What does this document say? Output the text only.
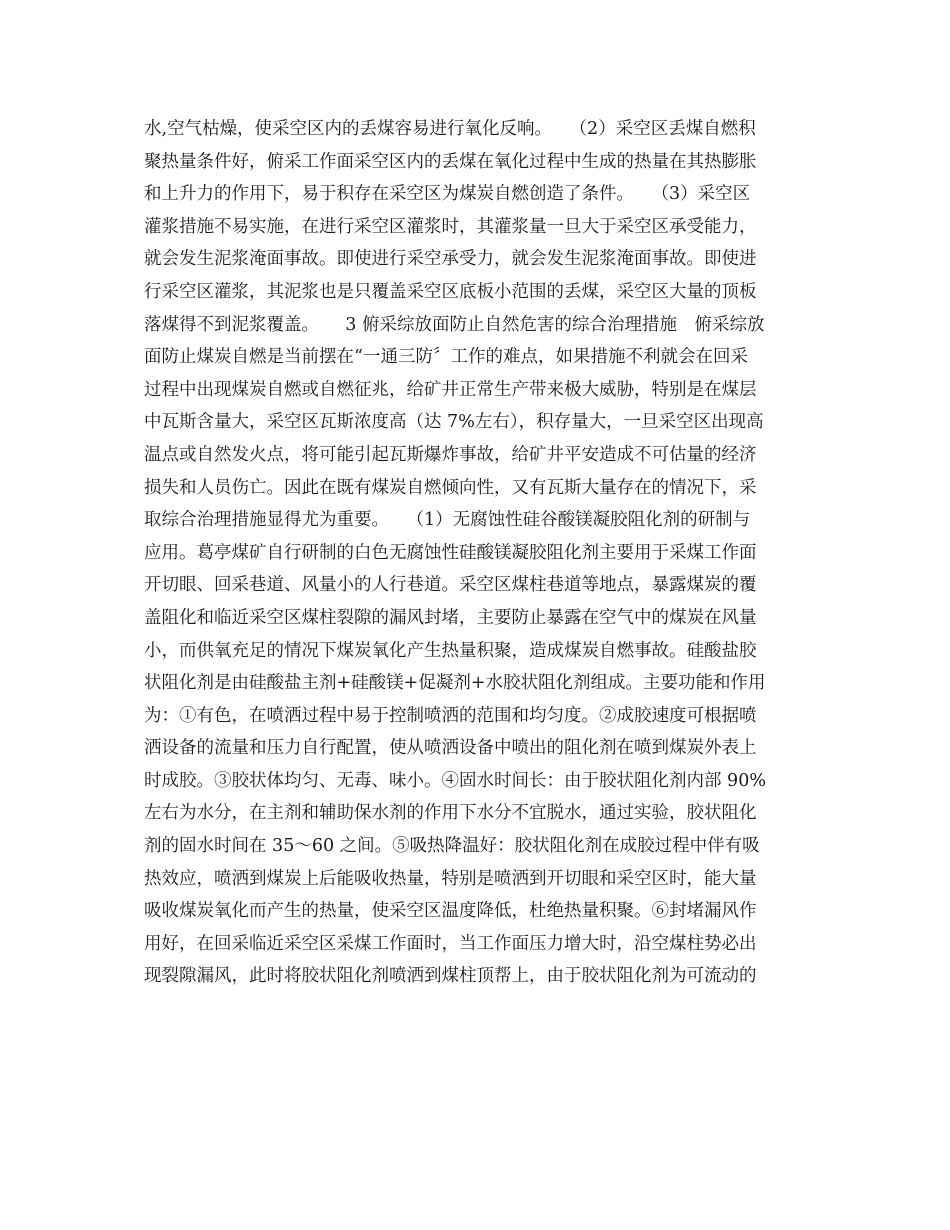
水,空气枯燥，使采空区内的丢煤容易进行氧化反响。　　（2）采空区丢煤自燃积
聚热量条件好，俯采工作面采空区内的丢煤在氧化过程中生成的热量在其热膨胀
和上升力的作用下，易于积存在采空区为煤炭自燃创造了条件。　　（3）采空区
灌浆措施不易实施，在进行采空区灌浆时，其灌浆量一旦大于采空区承受能力，
就会发生泥浆淹面事故。即使进行采空承受力，就会发生泥浆淹面事故。即使进
行采空区灌浆，其泥浆也是只覆盖采空区底板小范围的丢煤，采空区大量的顶板
落煤得不到泥浆覆盖。　　3 俯采综放面防止自然危害的综合治理措施　俯采综放
面防止煤炭自燃是当前摆在“一通三防〞工作的难点，如果措施不利就会在回采
过程中出现煤炭自燃或自燃征兆，给矿井正常生产带来极大威胁，特别是在煤层
中瓦斯含量大，采空区瓦斯浓度高（达 7%左右），积存量大，一旦采空区出现高
温点或自然发火点，将可能引起瓦斯爆炸事故，给矿井平安造成不可估量的经济
损失和人员伤亡。因此在既有煤炭自燃倾向性，又有瓦斯大量存在的情况下，采
取综合治理措施显得尤为重要。　　（1）无腐蚀性硅谷酸镁凝胶阻化剂的研制与
应用。葛亭煤矿自行研制的白色无腐蚀性硅酸镁凝胶阻化剂主要用于采煤工作面
开切眼、回采巷道、风量小的人行巷道。采空区煤柱巷道等地点，暴露煤炭的覆
盖阻化和临近采空区煤柱裂隙的漏风封堵，主要防止暴露在空气中的煤炭在风量
小，而供氧充足的情况下煤炭氧化产生热量积聚，造成煤炭自燃事故。硅酸盐胶
状阻化剂是由硅酸盐主剂+硅酸镁+促凝剂+水胶状阻化剂组成。主要功能和作用
为：①有色，在喷洒过程中易于控制喷洒的范围和均匀度。②成胶速度可根据喷
洒设备的流量和压力自行配置，使从喷洒设备中喷出的阻化剂在喷到煤炭外表上
时成胶。③胶状体均匀、无毒、味小。④固水时间长：由于胶状阻化剂内部 90%
左右为水分，在主剂和辅助保水剂的作用下水分不宜脱水，通过实验，胶状阻化
剂的固水时间在 35～60 之间。⑤吸热降温好：胶状阻化剂在成胶过程中伴有吸
热效应，喷洒到煤炭上后能吸收热量，特别是喷洒到开切眼和采空区时，能大量
吸收煤炭氧化而产生的热量，使采空区温度降低，杜绝热量积聚。⑥封堵漏风作
用好，在回采临近采空区采煤工作面时，当工作面压力增大时，沿空煤柱势必出
现裂隙漏风，此时将胶状阻化剂喷洒到煤柱顶帮上，由于胶状阻化剂为可流动的
